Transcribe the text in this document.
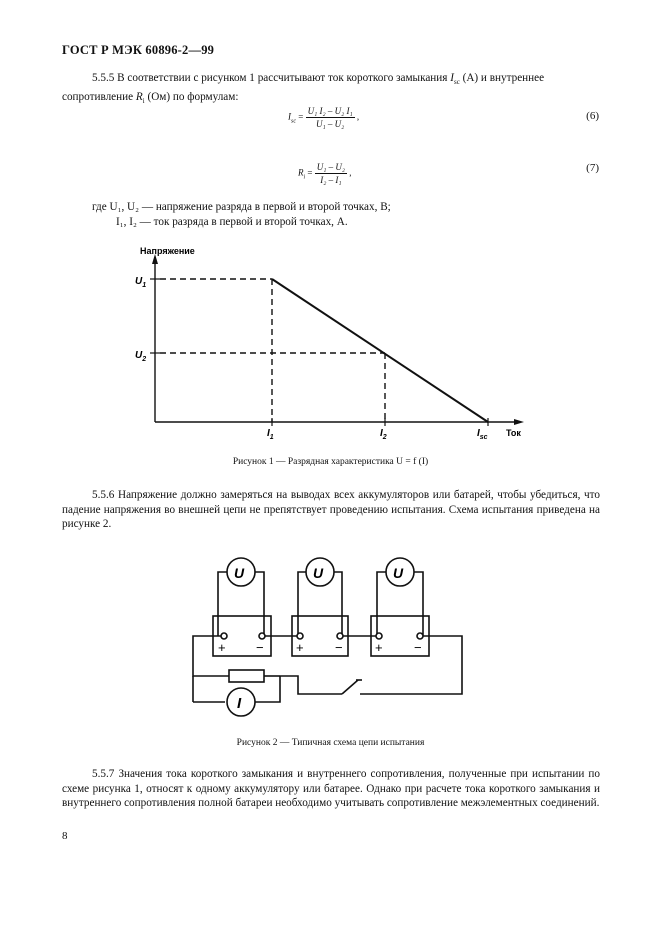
ГОСТ Р МЭК 60896-2—99
5.5.5 В соответствии с рисунком 1 рассчитывают ток короткого замыкания $I_{sc}$ (А) и внутреннее
сопротивление $R_i$ (Ом) по формулам:
$I_{sc} = \frac{\text{U₁ I₂ – U₂ I₁}}{\text{U₁ – U₂}}$ ,	(6)
$R_i = \frac{\text{U₁ – U₂}}{\text{I₂ – I₁}}$ ,	(7)
где U₁, U₂ — напряжение разряда в первой и второй точках, В;
I₁, I₂ — ток разряда в первой и второй точках, А.
Напряжение
Ток
$U_1$
$U_2$
$I_1$	$I_2$	$I_{sc}$
Рисунок 1 — Разрядная характеристика U = f (I)
5.5.6 Напряжение должно замеряться на выводах всех аккумуляторов или батарей, чтобы убедиться, что падение напряжения во внешней цепи не препятствует проведению испытания. Схема испытания приведена на рисунке 2.
U	U	U
I
+ − + − + −
Рисунок 2 — Типичная схема цепи испытания
5.5.7 Значения тока короткого замыкания и внутреннего сопротивления, полученные при испытании по схеме рисунка 1, относят к одному аккумулятору или батарее. Однако при расчете тока короткого замыкания и внутреннего сопротивления полной батареи необходимо учитывать сопротивление межэлементных соединений.
8
